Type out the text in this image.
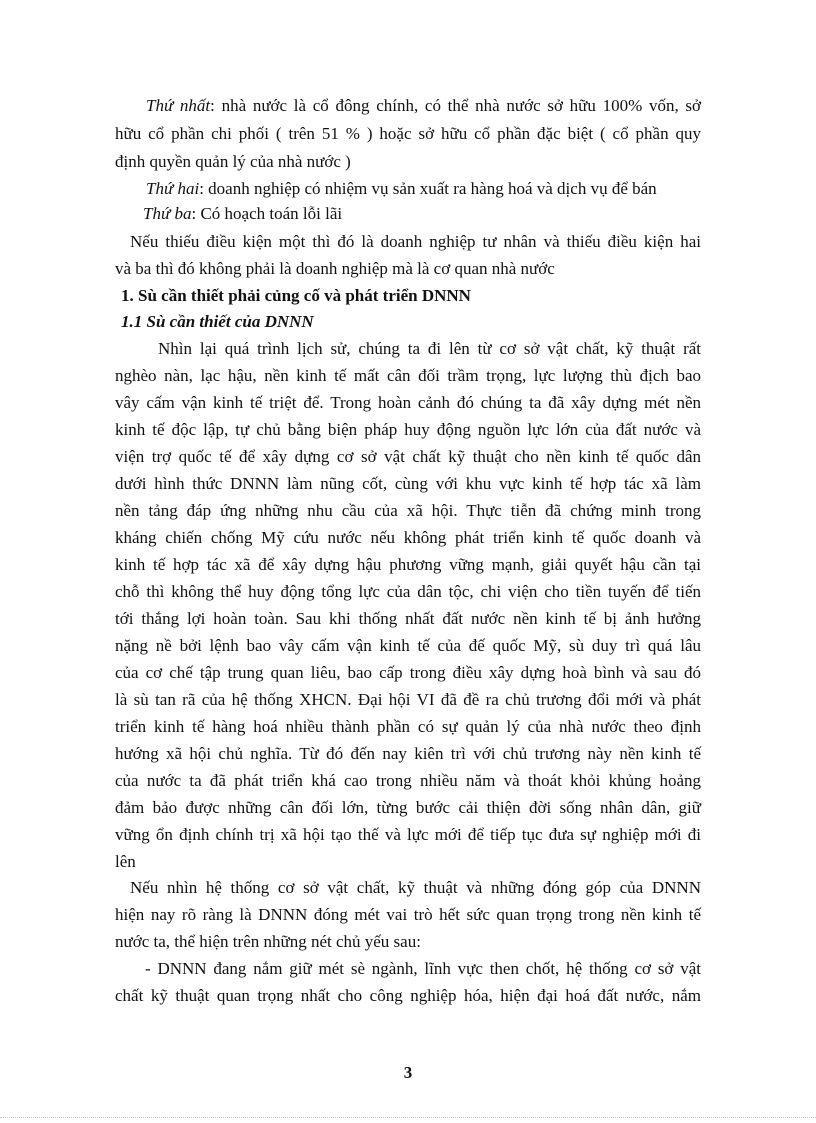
Thứ nhất: nhà nước là cổ đông chính, có thể nhà nước sở hữu 100% vốn, sở
hữu cổ phần chi phối ( trên 51 % ) hoặc sở hữu cổ phần đặc biệt ( cổ phần quy
định quyền quản lý của nhà nước )
Thứ hai: doanh nghiệp có nhiệm vụ sản xuất ra hàng hoá và dịch vụ để bán
Thứ ba: Có hoạch toán lỗi lãi
Nếu thiếu điều kiện một thì đó là doanh nghiệp tư nhân và thiếu điều kiện hai
và ba thì đó không phải là doanh nghiệp mà là cơ quan nhà nước
1. Sù cần thiết phải củng cố và phát triển DNNN
1.1 Sù cần thiết của DNNN
Nhìn lại quá trình lịch sử, chúng ta đi lên từ cơ sở vật chất, kỹ thuật rất
nghèo nàn, lạc hậu, nền kinh tế mất cân đối trầm trọng, lực lượng thù địch bao
vây cấm vận kinh tế triệt để. Trong hoàn cảnh đó chúng ta đã xây dựng mét nền
kinh tế độc lập, tự chủ bằng biện pháp huy động nguồn lực lớn của đất nước và
viện trợ quốc tế để xây dựng cơ sở vật chất kỹ thuật cho nền kinh tế quốc dân
dưới hình thức DNNN làm nũng cốt, cùng với khu vực kinh tế hợp tác xã làm
nền tảng đáp ứng những nhu cầu của xã hội. Thực tiễn đã chứng minh trong
kháng chiến chống Mỹ cứu nước nếu không phát triển kinh tế quốc doanh và
kinh tế hợp tác xã để xây dựng hậu phương vững mạnh, giải quyết hậu cần tại
chỗ thì không thể huy động tổng lực của dân tộc, chi viện cho tiền tuyến để tiến
tới thắng lợi hoàn toàn. Sau khi thống nhất đất nước nền kinh tế bị ảnh hưởng
nặng nề bởi lệnh bao vây cấm vận kinh tế của đế quốc Mỹ, sù duy trì quá lâu
của cơ chế tập trung quan liêu, bao cấp trong điều xây dựng hoà bình và sau đó
là sù tan rã của hệ thống XHCN. Đại hội VI đã đề ra chủ trương đổi mới và phát
triển kinh tế hàng hoá nhiều thành phần có sự quản lý của nhà nước theo định
hướng xã hội chủ nghĩa. Từ đó đến nay kiên trì với chủ trương này nền kinh tế
của nước ta đã phát triển khá cao trong nhiều năm và thoát khỏi khủng hoảng
đảm bảo được những cân đối lớn, từng bước cải thiện đời sống nhân dân, giữ
vững ổn định chính trị xã hội tạo thế và lực mới để tiếp tục đưa sự nghiệp mới đi
lên
Nếu nhìn hệ thống cơ sở vật chất, kỹ thuật và những đóng góp của DNNN
hiện nay rõ ràng là DNNN đóng mét vai trò hết sức quan trọng trong nền kinh tế
nước ta, thể hiện trên những nét chủ yếu sau:
- DNNN đang nắm giữ mét sè ngành, lĩnh vực then chốt, hệ thống cơ sở vật
chất kỹ thuật quan trọng nhất cho công nghiệp hóa, hiện đại hoá đất nước, nắm
3
